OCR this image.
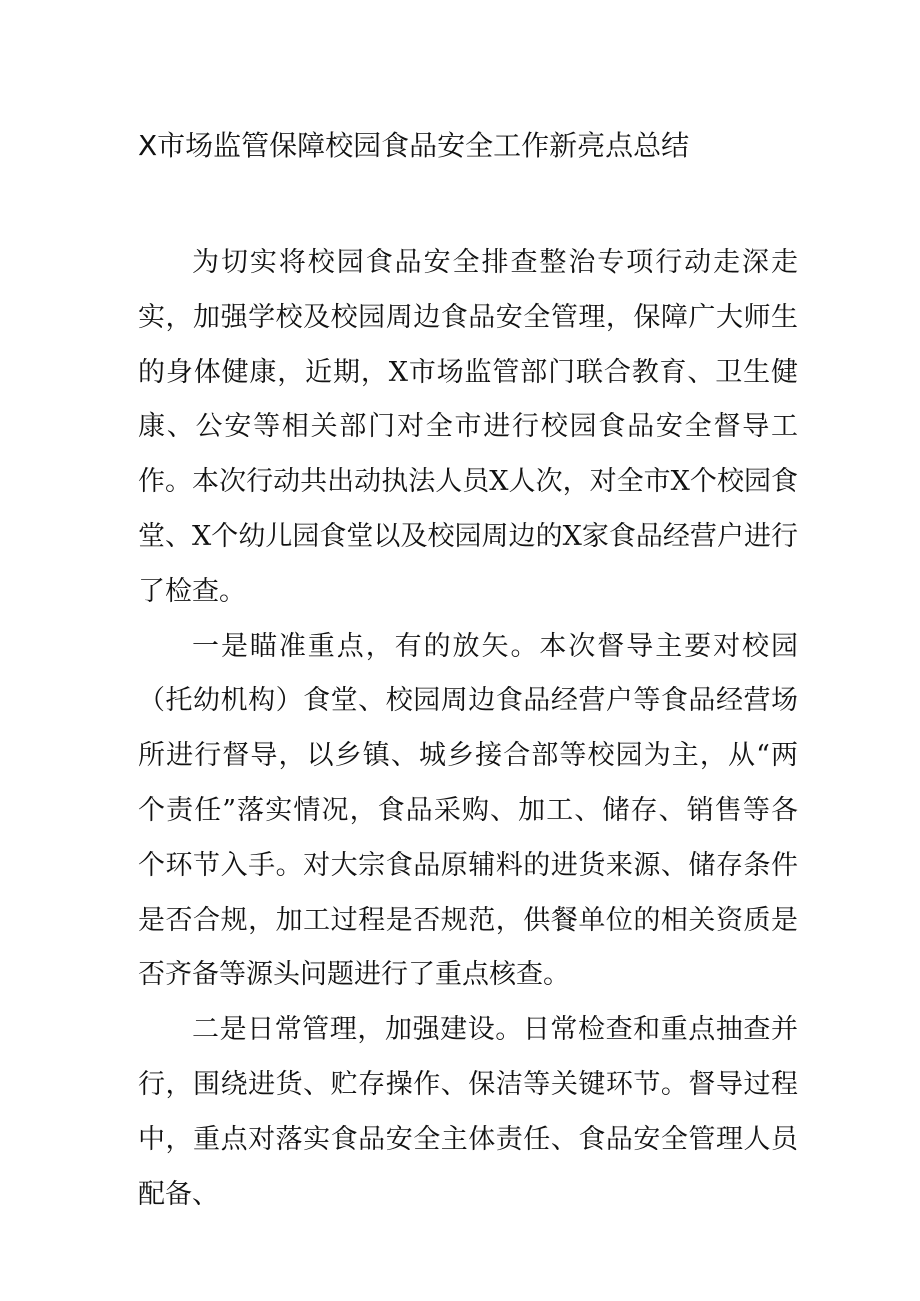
X市场监管保障校园食品安全工作新亮点总结

为切实将校园食品安全排查整治专项行动走深走实，加强学校及校园周边食品安全管理，保障广大师生的身体健康，近期，X市场监管部门联合教育、卫生健康、公安等相关部门对全市进行校园食品安全督导工作。本次行动共出动执法人员X人次，对全市X个校园食堂、X个幼儿园食堂以及校园周边的X家食品经营户进行了检查。

一是瞄准重点，有的放矢。本次督导主要对校园（托幼机构）食堂、校园周边食品经营户等食品经营场所进行督导，以乡镇、城乡接合部等校园为主，从“两个责任”落实情况，食品采购、加工、储存、销售等各个环节入手。对大宗食品原辅料的进货来源、储存条件是否合规，加工过程是否规范，供餐单位的相关资质是否齐备等源头问题进行了重点核查。

二是日常管理，加强建设。日常检查和重点抽查并行，围绕进货、贮存操作、保洁等关键环节。督导过程中，重点对落实食品安全主体责任、食品安全管理人员配备、
